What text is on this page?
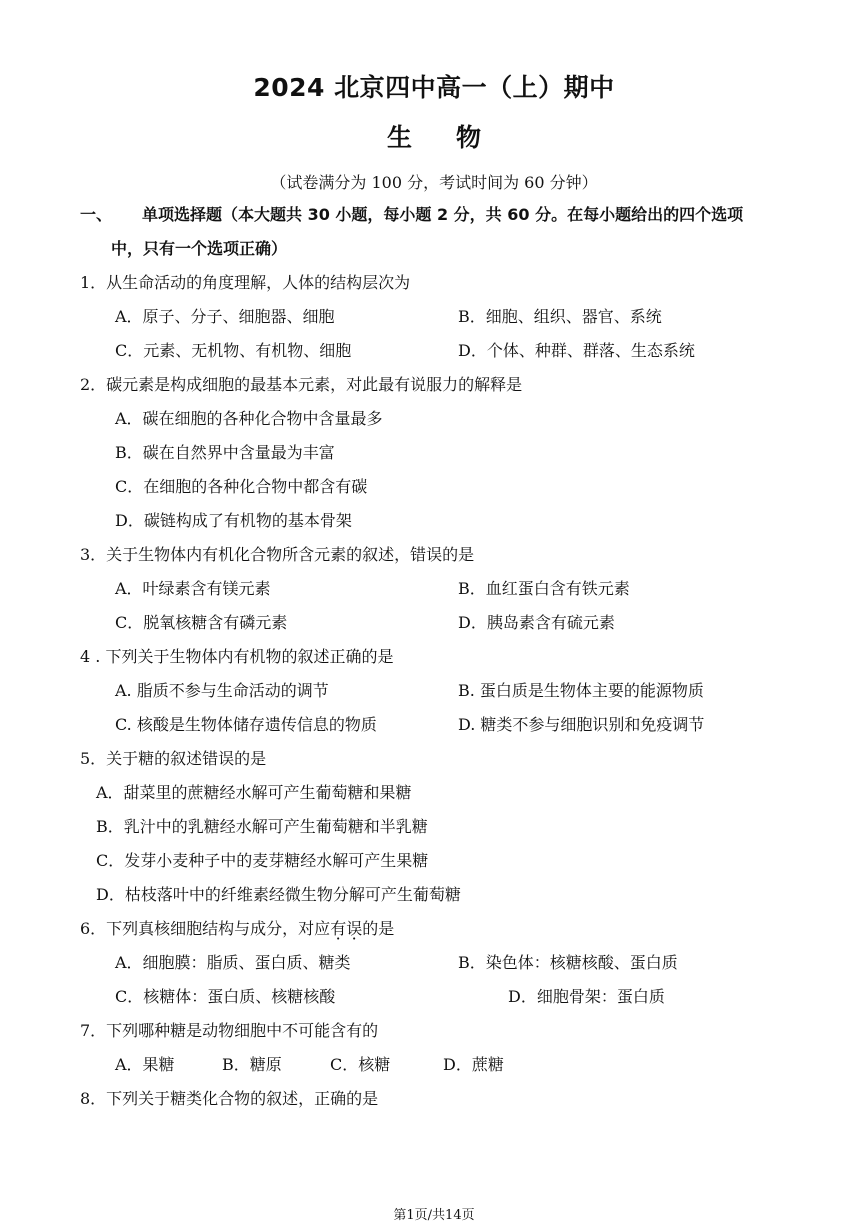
2024 北京四中高一（上）期中
生 物
（试卷满分为 100 分，考试时间为 60 分钟）
一、 单项选择题（本大题共 30 小题，每小题 2 分，共 60 分。在每小题给出的四个选项
中，只有一个选项正确）
1．从生命活动的角度理解，人体的结构层次为
A．原子、分子、细胞器、细胞	B．细胞、组织、器官、系统
C．元素、无机物、有机物、细胞	D．个体、种群、群落、生态系统
2．碳元素是构成细胞的最基本元素，对此最有说服力的解释是
A．碳在细胞的各种化合物中含量最多
B．碳在自然界中含量最为丰富
C．在细胞的各种化合物中都含有碳
D．碳链构成了有机物的基本骨架
3．关于生物体内有机化合物所含元素的叙述，错误的是
A．叶绿素含有镁元素	B．血红蛋白含有铁元素
C．脱氧核糖含有磷元素	D．胰岛素含有硫元素
4 . 下列关于生物体内有机物的叙述正确的是
A. 脂质不参与生命活动的调节	B. 蛋白质是生物体主要的能源物质
C. 核酸是生物体储存遗传信息的物质	D. 糖类不参与细胞识别和免疫调节
5．关于糖的叙述错误的是
A．甜菜里的蔗糖经水解可产生葡萄糖和果糖
B．乳汁中的乳糖经水解可产生葡萄糖和半乳糖
C．发芽小麦种子中的麦芽糖经水解可产生果糖
D．枯枝落叶中的纤维素经微生物分解可产生葡萄糖
6．下列真核细胞结构与成分，对应有误的是
A．细胞膜：脂质、蛋白质、糖类	B．染色体：核糖核酸、蛋白质
C．核糖体：蛋白质、核糖核酸	D．细胞骨架：蛋白质
7．下列哪种糖是动物细胞中不可能含有的
A．果糖	B．糖原	C．核糖	D．蔗糖
8．下列关于糖类化合物的叙述，正确的是
第1页/共14页
